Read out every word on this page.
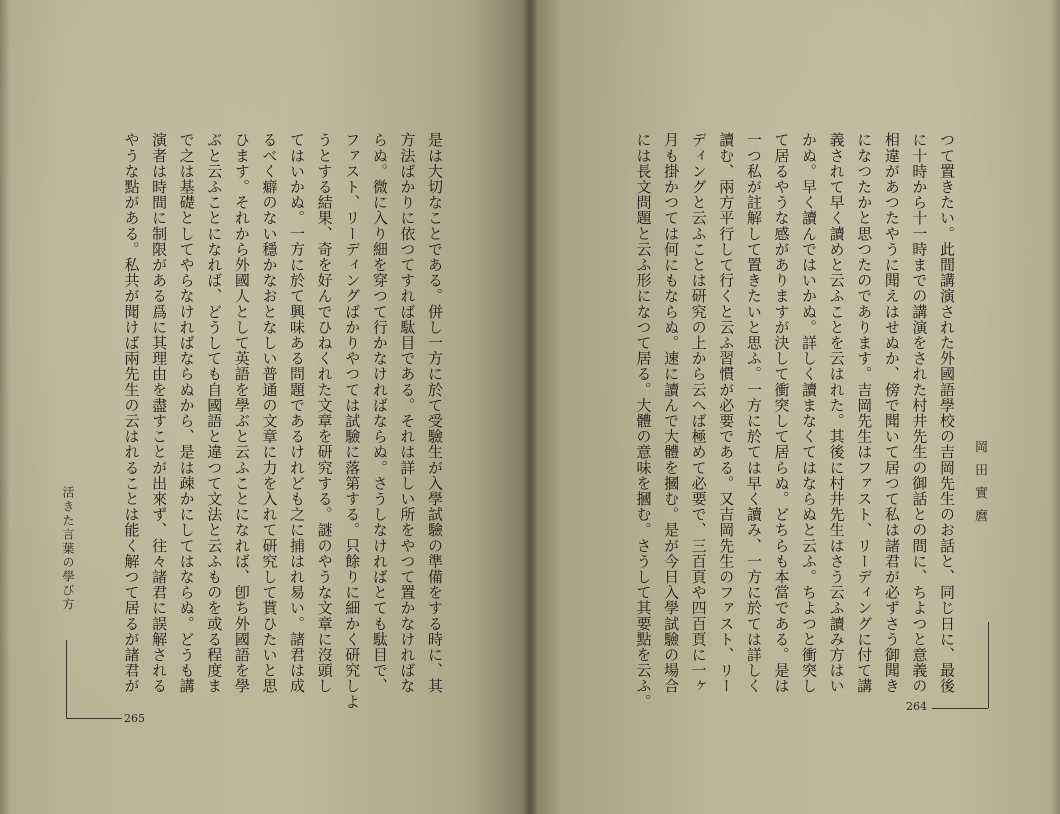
是は大切なことである。併し一方に於て受驗生が入學試驗の準備をする時に、其

方法ばかりに依つてすれば駄目である。それは詳しい所をやつて置かなければな

らぬ。微に入り細を穿つて行かなければならぬ。さうしなければとても駄目で、

ファスト、リーディングばかりやつては試驗に落第する。只餘りに細かく研究しよ

うとする結果、奇を好んでひねくれた文章を研究する。謎のやうな文章に沒頭し

てはいかぬ。一方に於て興味ある問題であるけれども之に捕はれ易い。諸君は成

るべく癖のない穩かなおとなしい普通の文章に力を入れて研究して貰ひたいと思

ひます。それから外國人として英語を學ぶと云ふことになれば、卽ち外國語を學

ぶと云ふことになれば、どうしても自國語と違つて文法と云ふものを或る程度ま

で之は基礎としてやらなければならぬから、是は疎かにしてはならぬ。どうも講

演者は時間に制限がある爲に其理由を盡すことが出來ず、往々諸君に誤解される

やうな點がある。私共が聞けば兩先生の云はれることは能く解つて居るが諸君が

活きた言葉の學び方
265

つて置きたい。此間講演された外國語學校の吉岡先生のお話と、同じ日に、最後

に十時から十一時までの講演をされた村井先生の御話との間に、ちよつと意義の

相違があつたやうに聞えはせぬか、傍で聞いて居つて私は諸君が必ずさう御聞き

になつたかと思つたのであります。吉岡先生はファスト、リーディングに付て講

義されて早く讀めと云ふことを云はれた。其後に村井先生はさう云ふ讀み方はい

かぬ。早く讀んではいかぬ。詳しく讀まなくてはならぬと云ふ。ちよつと衝突し

て居るやうな感がありますが決して衝突して居らぬ。どちらも本當である。是は

一つ私が註解して置きたいと思ふ。一方に於ては早く讀み、一方に於ては詳しく

讀む、兩方平行して行くと云ふ習慣が必要である。又吉岡先生のファスト、リー

ディングと云ふことは研究の上から云へば極めて必要で、三百頁や四百頁に一ヶ

月も掛かつては何にもならぬ。速に讀んで大體を摑む。是が今日入學試驗の場合

には長文問題と云ふ形になつて居る。大體の意味を摑む。さうして其要點を云ふ。	岡田實麿
264
